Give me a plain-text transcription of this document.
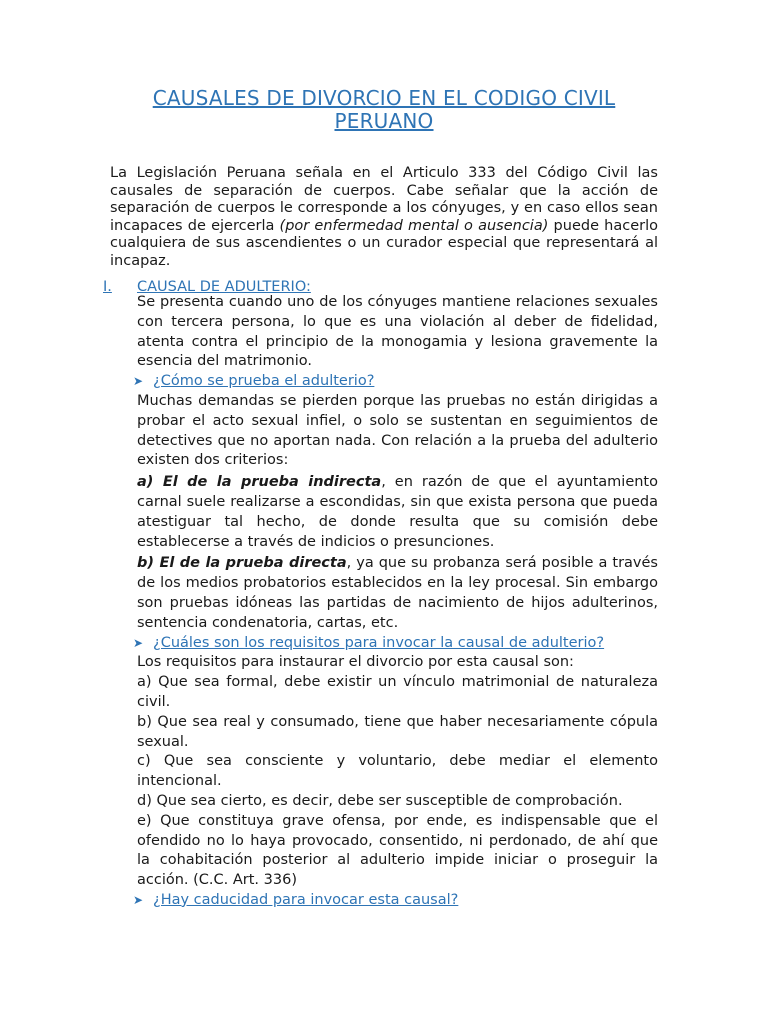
CAUSALES DE DIVORCIO EN EL CODIGO CIVIL PERUANO
La Legislación Peruana señala en el Articulo 333 del Código Civil las causales de separación de cuerpos. Cabe señalar que la acción de separación de cuerpos le corresponde a los cónyuges, y en caso ellos sean incapaces de ejercerla (por enfermedad mental o ausencia) puede hacerlo cualquiera de sus ascendientes o un curador especial que representará al incapaz.
I. CAUSAL DE ADULTERIO:

Se presenta cuando uno de los cónyuges mantiene relaciones sexuales con tercera persona, lo que es una violación al deber de fidelidad, atenta contra el principio de la monogamia y lesiona gravemente la esencia del matrimonio.

➤ ¿Cómo se prueba el adulterio?

Muchas demandas se pierden porque las pruebas no están dirigidas a probar el acto sexual infiel, o solo se sustentan en seguimientos de detectives que no aportan nada. Con relación a la prueba del adulterio existen dos criterios:

a) El de la prueba indirecta, en razón de que el ayuntamiento carnal suele realizarse a escondidas, sin que exista persona que pueda atestiguar tal hecho, de donde resulta que su comisión debe establecerse a través de indicios o presunciones.

b) El de la prueba directa, ya que su probanza será posible a través de los medios probatorios establecidos en la ley procesal. Sin embargo son pruebas idóneas las partidas de nacimiento de hijos adulterinos, sentencia condenatoria, cartas, etc.

➤ ¿Cuáles son los requisitos para invocar la causal de adulterio?

Los requisitos para instaurar el divorcio por esta causal son:

a) Que sea formal, debe existir un vínculo matrimonial de naturaleza civil.

b) Que sea real y consumado, tiene que haber necesariamente cópula sexual.

c) Que sea consciente y voluntario, debe mediar el elemento intencional.

d) Que sea cierto, es decir, debe ser susceptible de comprobación.

e) Que constituya grave ofensa, por ende, es indispensable que el ofendido no lo haya provocado, consentido, ni perdonado, de ahí que la cohabitación posterior al adulterio impide iniciar o proseguir la acción. (C.C. Art. 336)

➤ ¿Hay caducidad para invocar esta causal?
